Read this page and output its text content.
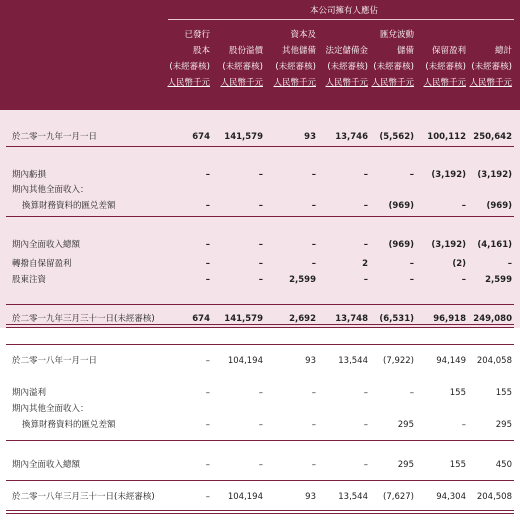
本公司擁有人應佔
已發行
股本
(未經審核)
人民幣千元

股份溢價
(未經審核)
人民幣千元
資本及
其他儲備
(未經審核)
人民幣千元

法定儲備金
(未經審核)
人民幣千元
匯兌波動
儲備
(未經審核)
人民幣千元

保留盈利
(未經審核)
人民幣千元

總計
(未經審核)
人民幣千元
於二零一九年一月一日	674	141,579	93	13,746	(5,562)	100,112 250,642
期內虧損	–	–	–	–	–	(3,192)	(3,192)
期內其他全面收入：
換算財務資料的匯兑差額	–	–	–	–	(969)	–	(969)
期內全面收入總額	–	–	–	–	(969)	(3,192)	(4,161)
轉撥自保留盈利	–	–	–	2	–	(2)	–
股東注資	–	–	2,599	–	–	–	2,599
於二零一九年三月三十一日(未經審核)	674	141,579	2,692	13,748	(6,531)	96,918 249,080
於二零一八年一月一日	–	104,194	93	13,544	(7,922)	94,149	204,058
期內溢利	–	–	–	–	–	155	155
期內其他全面收入：
換算財務資料的匯兑差額	–	–	–	–	295	–	295
期內全面收入總額	–	–	–	–	295	155	450
於二零一八年三月三十一日(未經審核)	–	104,194	93	13,544	(7,627)	94,304	204,508
